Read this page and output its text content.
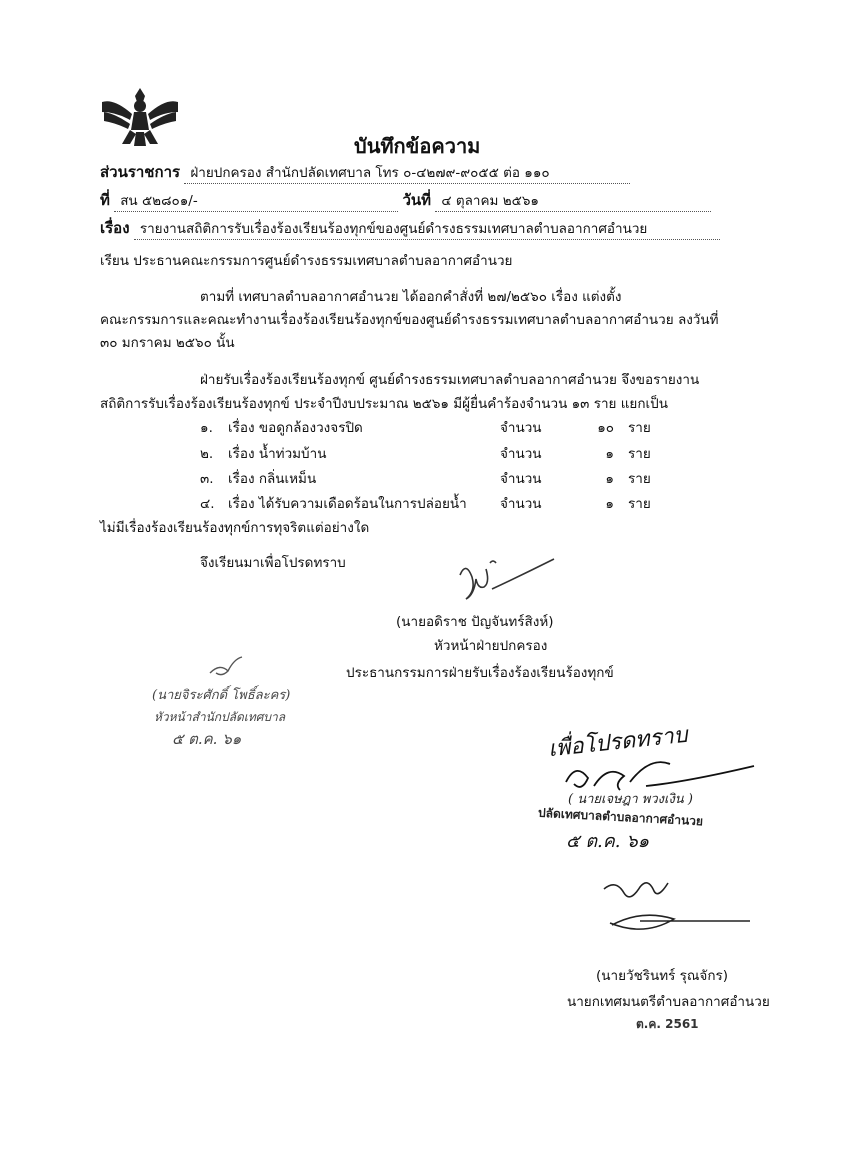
บันทึกข้อความ
ส่วนราชการ ฝ่ายปกครอง สำนักปลัดเทศบาล โทร ๐-๔๒๗๙-๙๐๕๕ ต่อ ๑๑๐
ที่ สน ๕๒๘๐๑/-	วันที่ ๔ ตุลาคม ๒๕๖๑
เรื่อง รายงานสถิติการรับเรื่องร้องเรียนร้องทุกข์ของศูนย์ดำรงธรรมเทศบาลตำบลอากาศอำนวย
เรียน ประธานคณะกรรมการศูนย์ดำรงธรรมเทศบาลตำบลอากาศอำนวย
ตามที่ เทศบาลตำบลอากาศอำนวย ได้ออกคำสั่งที่ ๒๗/๒๕๖๐ เรื่อง แต่งตั้ง
คณะกรรมการและคณะทำงานเรื่องร้องเรียนร้องทุกข์ของศูนย์ดำรงธรรมเทศบาลตำบลอากาศอำนวย ลงวันที่
๓๐ มกราคม ๒๕๖๐ นั้น
ฝ่ายรับเรื่องร้องเรียนร้องทุกข์ ศูนย์ดำรงธรรมเทศบาลตำบลอากาศอำนวย จึงขอรายงาน
สถิติการรับเรื่องร้องเรียนร้องทุกข์ ประจำปีงบประมาณ ๒๕๖๑ มีผู้ยื่นคำร้องจำนวน ๑๓ ราย แยกเป็น
๑. เรื่อง ขอดูกล้องวงจรปิด	จำนวน	๑๐ ราย
๒. เรื่อง น้ำท่วมบ้าน	จำนวน	๑ ราย
๓. เรื่อง กลิ่นเหม็น	จำนวน	๑ ราย
๔. เรื่อง ได้รับความเดือดร้อนในการปล่อยน้ำ จำนวน	๑ ราย
ไม่มีเรื่องร้องเรียนร้องทุกข์การทุจริตแต่อย่างใด
จึงเรียนมาเพื่อโปรดทราบ
(นายอดิราช ปัญจันทร์สิงห์)
หัวหน้าฝ่ายปกครอง
ประธานกรรมการฝ่ายรับเรื่องร้องเรียนร้องทุกข์
(นายจิระศักดิ์ โพธิ์ละคร)
หัวหน้าสำนักปลัดเทศบาล
๕ ต.ค. ๖๑	เพื่อโปรดทราบ
( นายเจษฎา พวงเงิน )
ปลัดเทศบาลตำบลอากาศอำนวย
๕ ต.ค. ๖๑
(นายวัชรินทร์ รุณจักร)
นายกเทศมนตรีตำบลอากาศอำนวย
ต.ค. 2561
